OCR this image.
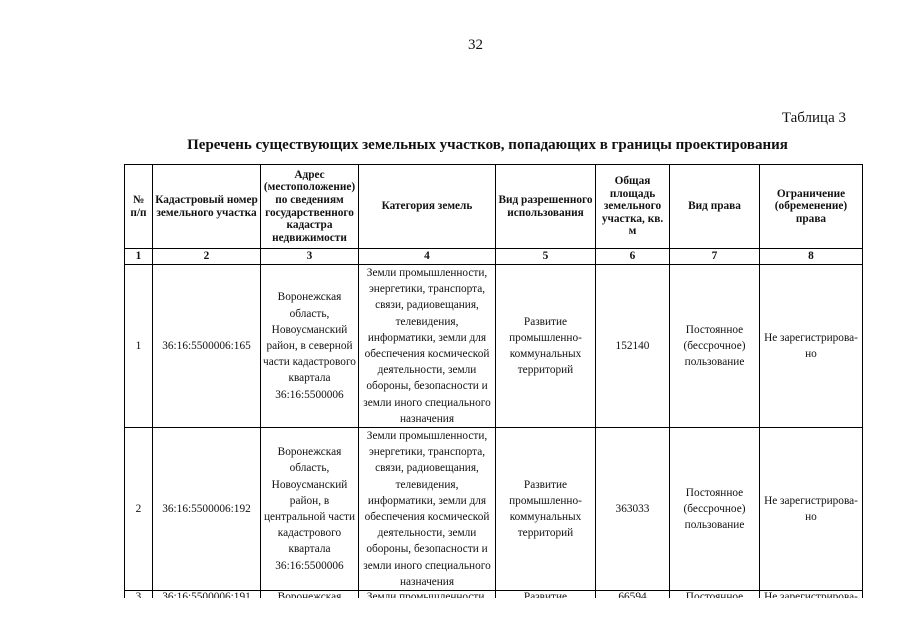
32
Таблица 3
Перечень существующих земельных участков, попадающих в границы проектирования
№ п/п	Кадастровый номер земельного участка	Адрес (местоположение) по сведениям государственного кадастра недвижимости	Категория земель	Вид разрешенного использования	Общая площадь земельного участка, кв. м	Вид права	Ограничение (обременение) права
1	2	3	4	5	6	7	8
1	36:16:5500006:165	Воронежская область, Новоусманский район, в северной части кадастрового квартала 36:16:5500006	Земли промышленности, энергетики, транспорта, связи, радиовещания, телевидения, информатики, земли для обеспечения космической деятельности, земли обороны, безопасности и земли иного специального назначения	Развитие промышленно-коммунальных территорий	152140	Постоянное (бессрочное) пользование	Не зарегистрирова-но
2	36:16:5500006:192	Воронежская область, Новоусманский район, в центральной части кадастрового квартала 36:16:5500006	Земли промышленности, энергетики, транспорта, связи, радиовещания, телевидения, информатики, земли для обеспечения космической деятельности, земли обороны, безопасности и земли иного специального назначения	Развитие промышленно-коммунальных территорий	363033	Постоянное (бессрочное) пользование	Не зарегистрирова-но
